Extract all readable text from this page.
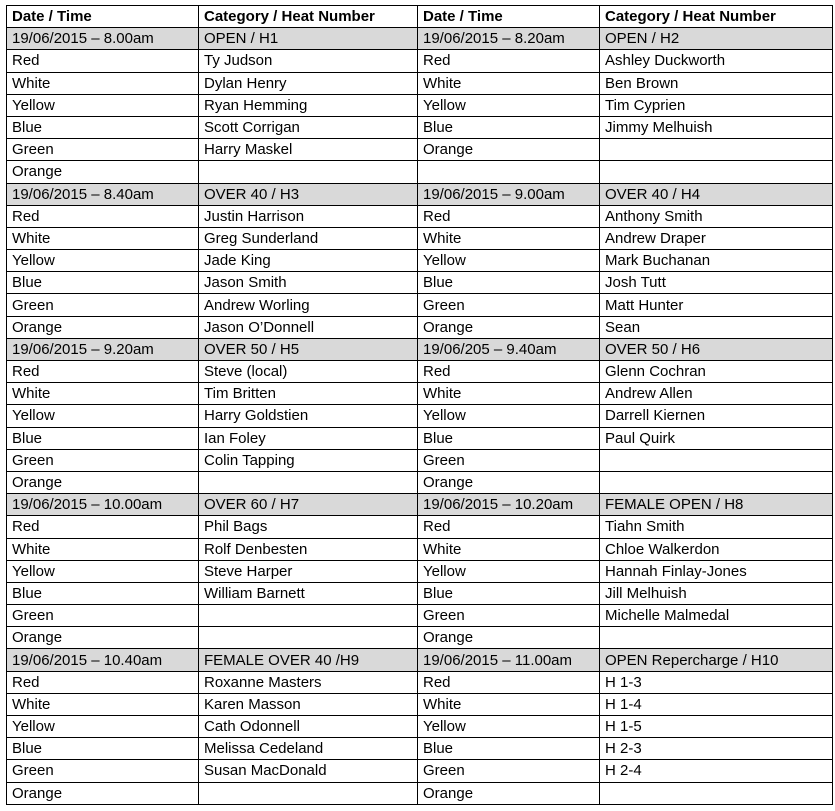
Date / Time	Category / Heat Number	Date / Time	Category / Heat Number
19/06/2015 – 8.00am	OPEN / H1	19/06/2015 – 8.20am	OPEN / H2
Red	Ty Judson	Red	Ashley Duckworth
White	Dylan Henry	White	Ben Brown
Yellow	Ryan Hemming	Yellow	Tim Cyprien
Blue	Scott Corrigan	Blue	Jimmy Melhuish
Green	Harry Maskel	Orange	
Orange			
19/06/2015 – 8.40am	OVER 40 / H3	19/06/2015 – 9.00am	OVER 40 / H4
Red	Justin Harrison	Red	Anthony Smith
White	Greg Sunderland	White	Andrew Draper
Yellow	Jade King	Yellow	Mark Buchanan
Blue	Jason Smith	Blue	Josh Tutt
Green	Andrew Worling	Green	Matt Hunter
Orange	Jason O’Donnell	Orange	Sean
19/06/2015 – 9.20am	OVER 50 / H5	19/06/205 – 9.40am	OVER 50 / H6
Red	Steve (local)	Red	Glenn Cochran
White	Tim Britten	White	Andrew Allen
Yellow	Harry Goldstien	Yellow	Darrell Kiernen
Blue	Ian Foley	Blue	Paul Quirk
Green	Colin Tapping	Green	
Orange		Orange	
19/06/2015 – 10.00am	OVER 60 / H7	19/06/2015 – 10.20am	FEMALE OPEN / H8
Red	Phil Bags	Red	Tiahn Smith
White	Rolf Denbesten	White	Chloe Walkerdon
Yellow	Steve Harper	Yellow	Hannah Finlay-Jones
Blue	William Barnett	Blue	Jill Melhuish
Green		Green	Michelle Malmedal
Orange		Orange	
19/06/2015 – 10.40am	FEMALE OVER 40 /H9	19/06/2015 – 11.00am	OPEN Repercharge / H10
Red	Roxanne Masters	Red	H 1-3
White	Karen Masson	White	H 1-4
Yellow	Cath Odonnell	Yellow	H 1-5
Blue	Melissa Cedeland	Blue	H 2-3
Green	Susan MacDonald	Green	H 2-4
Orange		Orange	
